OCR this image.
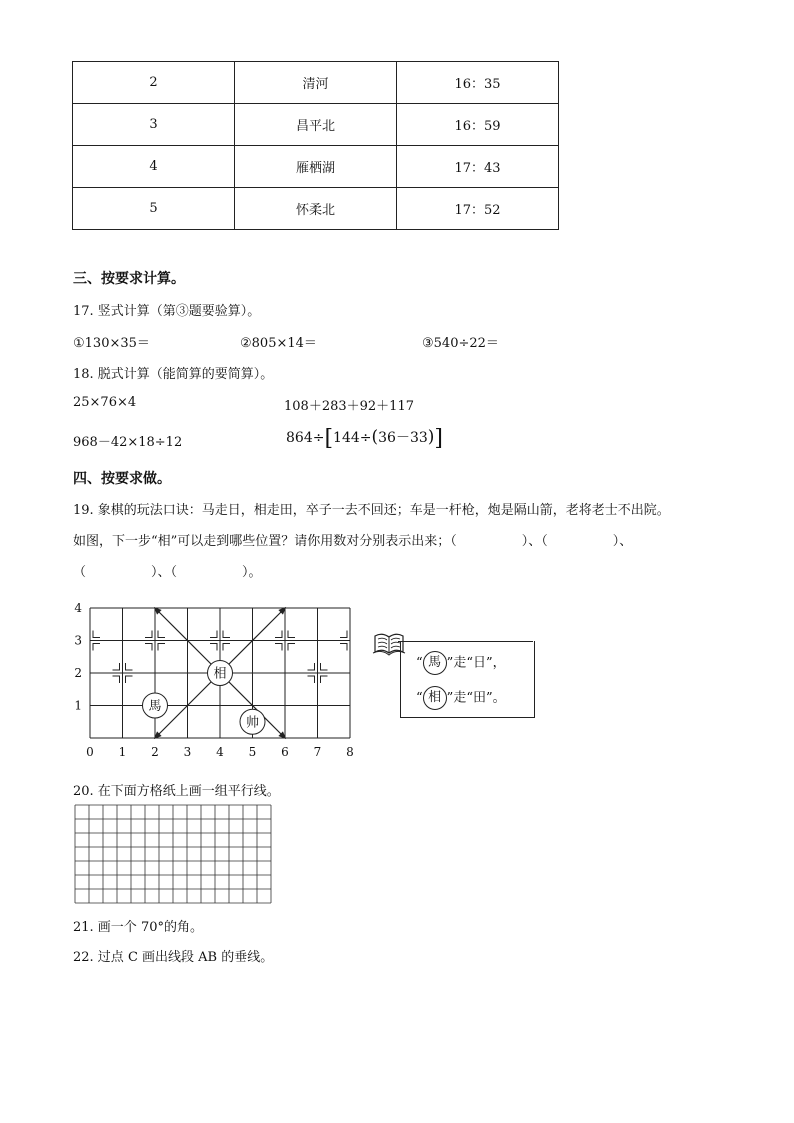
2	清河	16：35
3	昌平北	16：59
4	雁栖湖	17：43
5	怀柔北	17：52
三、按要求计算。
17. 竖式计算（第③题要验算）。
①130×35＝	②805×14＝	③540÷22＝
18. 脱式计算（能简算的要简算）。
25×76×4	108＋283＋92＋117
968－42×18÷12	864÷[144÷(36－33)]
四、按要求做。
19. 象棋的玩法口诀：马走日，相走田，卒子一去不回还；车是一杆枪，炮是隔山箭，老将老士不出院。
如图，下一步“相”可以走到哪些位置？请你用数对分别表示出来；（　　　　　）、（　　　　　）、
（　　　　　）、（　　　　　）。
相
馬
帅
0 1 2 3 4 5 6 7 8
1
2
3
4
“ 馬 ”走“日”，
“ 相 ”走“田”。
20. 在下面方格纸上画一组平行线。
21. 画一个 70°的角。
22. 过点 C 画出线段 AB 的垂线。
